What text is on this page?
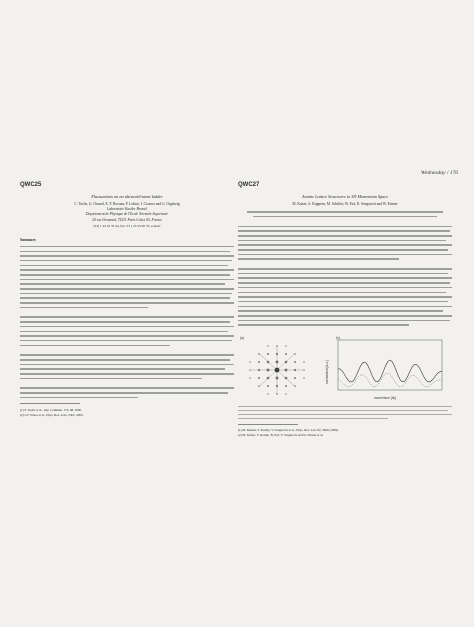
Wednesday / 176
QWC25
Fluctuations on an ultracold-atom ladder
C. Tuchs, G. Orsaud, E. F. Rovana, F. Lolnat, J. Cicaroo and G. Orgsberg
Laboratoire Kastler Brossel
Departement de Physique de l'Ecole Normale Superieure
24 rue Lhomond, 75231 Paris Cedex 05, France
(33) 1 44 32 33 44, fax: 33 1 45 35 00 76, e-mail:
Summary
[1] P. Tuchs et al., Opt. Commun. 176, 68, 2000.
[2] L.F. Pinoo et al., Phys. Rev. A 62, 2302, 2000.
QWC27
Atomic Lattice Structures in 3D Momentum Space
M. Kaiser, S. Kuppens, M. Schiffer, W. Erd, K. Sengstock and W. Ertmer
(a)	(b)
momentum [hk]
normalized [a.u.]
[1] M. Raizen, V. Kramp, V. Sengstock et al., Phys. Rev. Lett. 82, 3466 (1999).
[2] M. Kaiser, V. Kramp, B. Erd, V. Sengstock and W. Ertmer et al.
